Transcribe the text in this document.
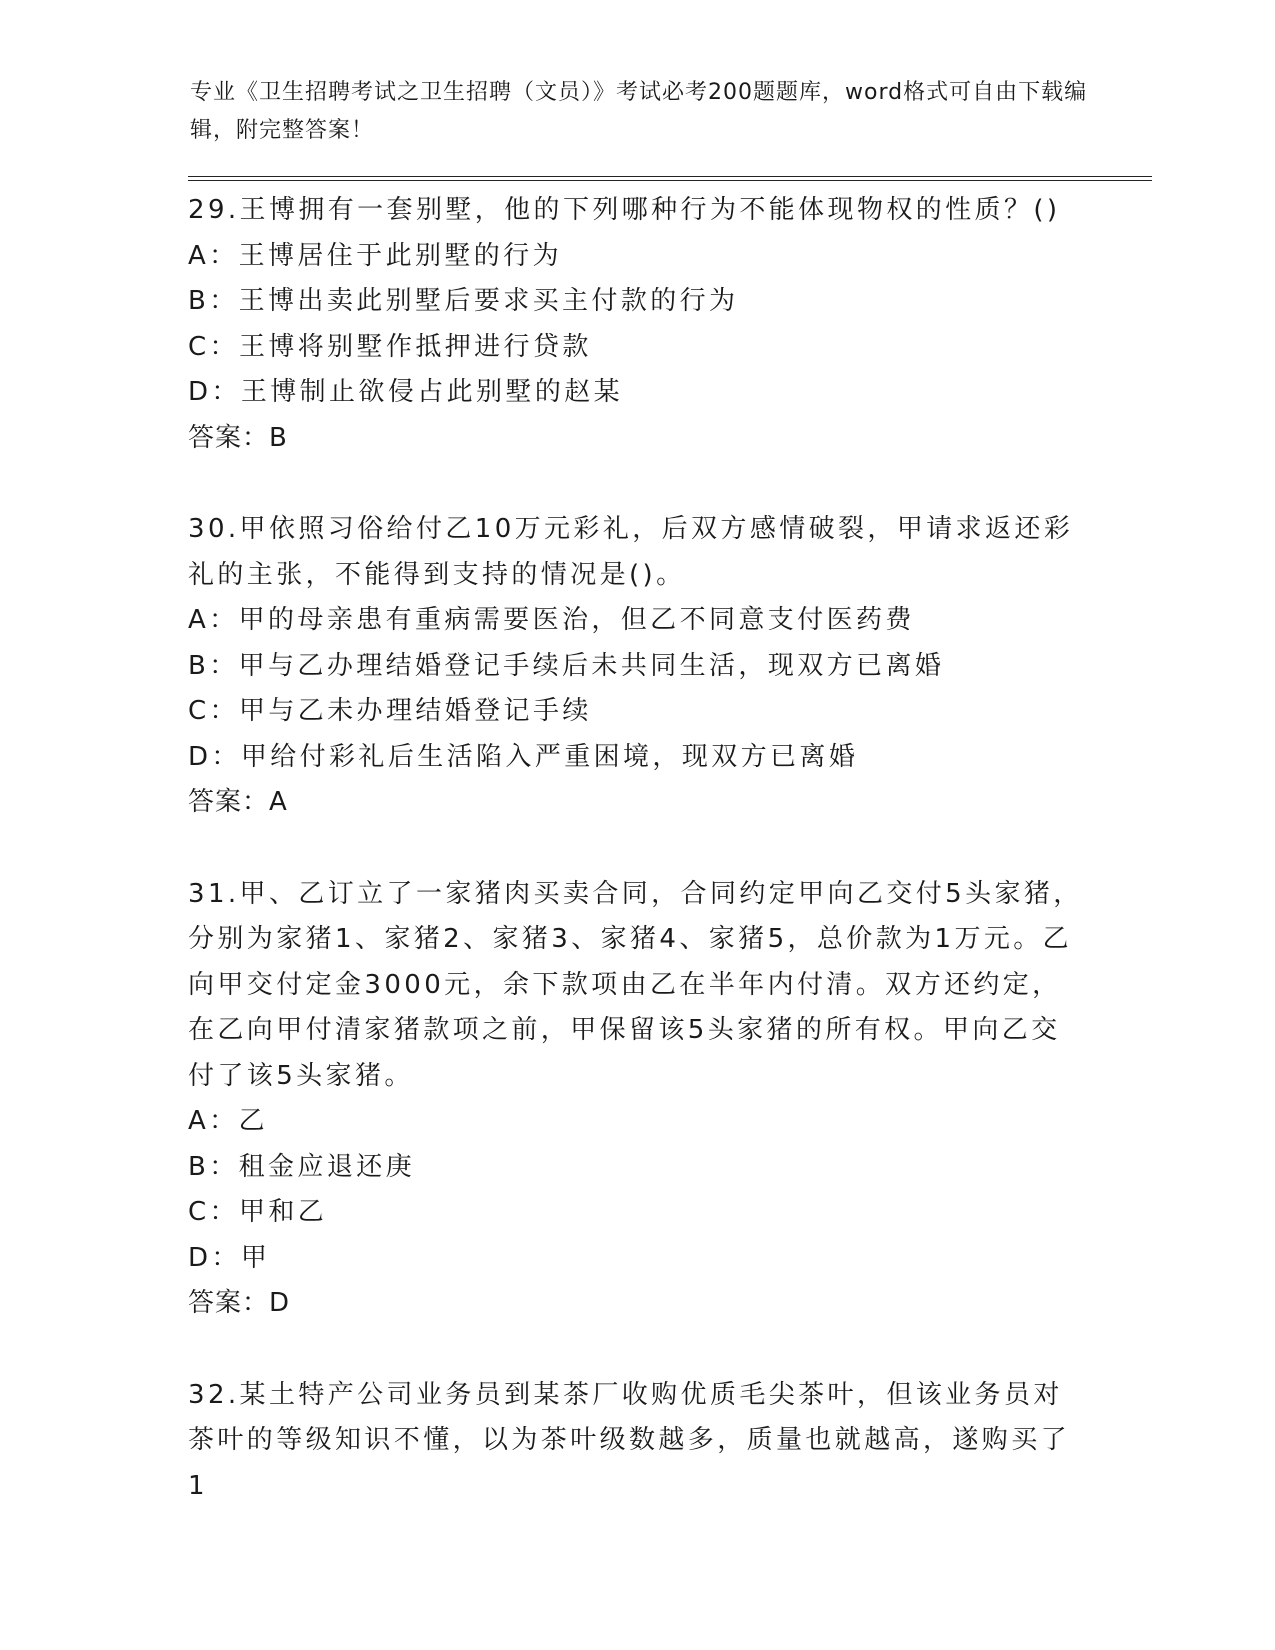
专业《卫生招聘考试之卫生招聘（文员）》考试必考200题题库，word格式可自由下载编辑，附完整答案！
29.王博拥有一套别墅，他的下列哪种行为不能体现物权的性质？()
A：王博居住于此别墅的行为
B：王博出卖此别墅后要求买主付款的行为
C：王博将别墅作抵押进行贷款
D：王博制止欲侵占此别墅的赵某
答案：B
30.甲依照习俗给付乙10万元彩礼，后双方感情破裂，甲请求返还彩礼的主张，不能得到支持的情况是()。
A：甲的母亲患有重病需要医治，但乙不同意支付医药费
B：甲与乙办理结婚登记手续后未共同生活，现双方已离婚
C：甲与乙未办理结婚登记手续
D：甲给付彩礼后生活陷入严重困境，现双方已离婚
答案：A
31.甲、乙订立了一家猪肉买卖合同，合同约定甲向乙交付5头家猪，分别为家猪1、家猪2、家猪3、家猪4、家猪5，总价款为1万元。乙向甲交付定金3000元，余下款项由乙在半年内付清。双方还约定，在乙向甲付清家猪款项之前，甲保留该5头家猪的所有权。甲向乙交付了该5头家猪。
A：乙
B：租金应退还庚
C：甲和乙
D：甲
答案：D
32.某土特产公司业务员到某茶厂收购优质毛尖茶叶，但该业务员对茶叶的等级知识不懂，以为茶叶级数越多，质量也就越高，遂购买了1
